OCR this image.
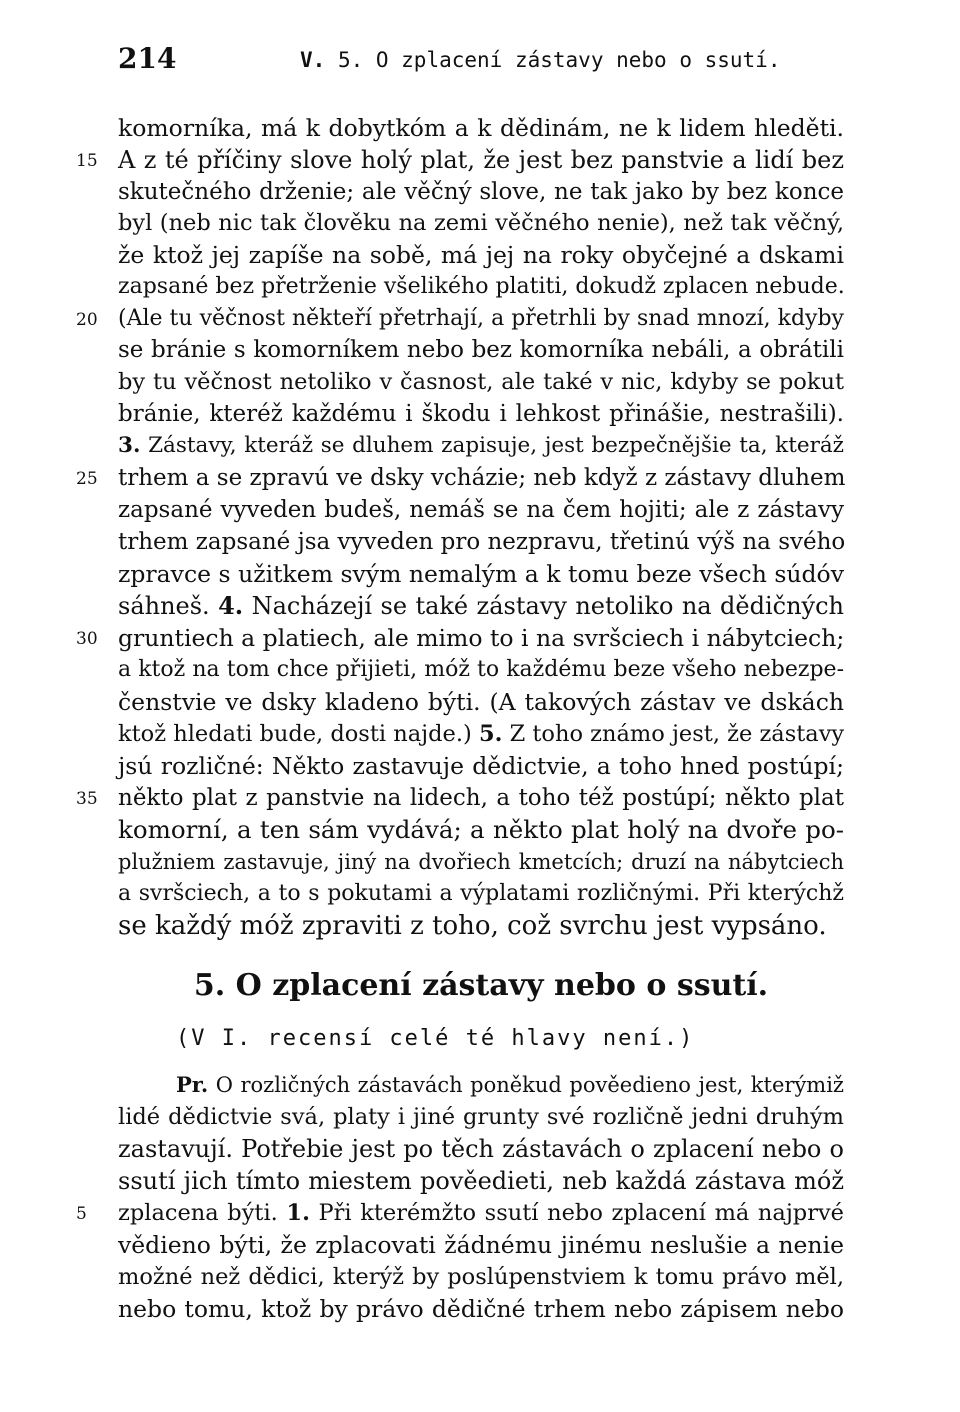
214	V. 5. O zplacení zástavy nebo o ssutí.
komorníka, má k dobytkóm a k dědinám, ne k lidem hleděti.
15 A z té příčiny slove holý plat, že jest bez panstvie a lidí bez
skutečného drženie; ale věčný slove, ne tak jako by bez konce
byl (neb nic tak člověku na zemi věčného nenie), než tak věčný,
že ktož jej zapíše na sobě, má jej na roky obyčejné a dskami
zapsané bez přetrženie všelikého platiti, dokudž zplacen nebude.
20 (Ale tu věčnost někteří přetrhají, a přetrhli by snad mnozí, kdyby
se bránie s komorníkem nebo bez komorníka nebáli, a obrátili
by tu věčnost netoliko v časnost, ale také v nic, kdyby se pokut
bránie, kteréž každému i škodu i lehkost přinášie, nestrašili).
3. Zástavy, kteráž se dluhem zapisuje, jest bezpečnějšie ta, kteráž
25 trhem a se zpravú ve dsky vcházie; neb když z zástavy dluhem
zapsané vyveden budeš, nemáš se na čem hojiti; ale z zástavy
trhem zapsané jsa vyveden pro nezpravu, třetinú výš na svého
zpravce s užitkem svým nemalým a k tomu beze všech súdóv
sáhneš. 4. Nacházejí se také zástavy netoliko na dědičných
30 gruntiech a platiech, ale mimo to i na svršciech i nábytciech;
a ktož na tom chce přijieti, móž to každému beze všeho nebezpe-
čenstvie ve dsky kladeno býti. (A takových zástav ve dskách
ktož hledati bude, dosti najde.) 5. Z toho známo jest, že zástavy
jsú rozličné: Někto zastavuje dědictvie, a toho hned postúpí;
35 někto plat z panstvie na lidech, a toho též postúpí; někto plat
komorní, a ten sám vydává; a někto plat holý na dvoře po-
plužniem zastavuje, jiný na dvořiech kmetcích; druzí na nábytciech
a svršciech, a to s pokutami a výplatami rozličnými. Při kterýchž
se každý móž zpraviti z toho, což svrchu jest vypsáno.
5. O zplacení zástavy nebo o ssutí.
(V I. recensí celé té hlavy není.)
Pr. O rozličných zástavách poněkud pověedieno jest, kterýmiž
lidé dědictvie svá, platy i jiné grunty své rozličně jedni druhým
zastavují. Potřebie jest po těch zástavách o zplacení nebo o
ssutí jich tímto miestem pověedieti, neb každá zástava móž
5	zplacena býti. 1. Při kterémžto ssutí nebo zplacení má najprvé
vědieno býti, že zplacovati žádnému jinému neslušie a nenie
možné než dědici, kterýž by poslúpenstviem k tomu právo měl,
nebo tomu, ktož by právo dědičné trhem nebo zápisem nebo
